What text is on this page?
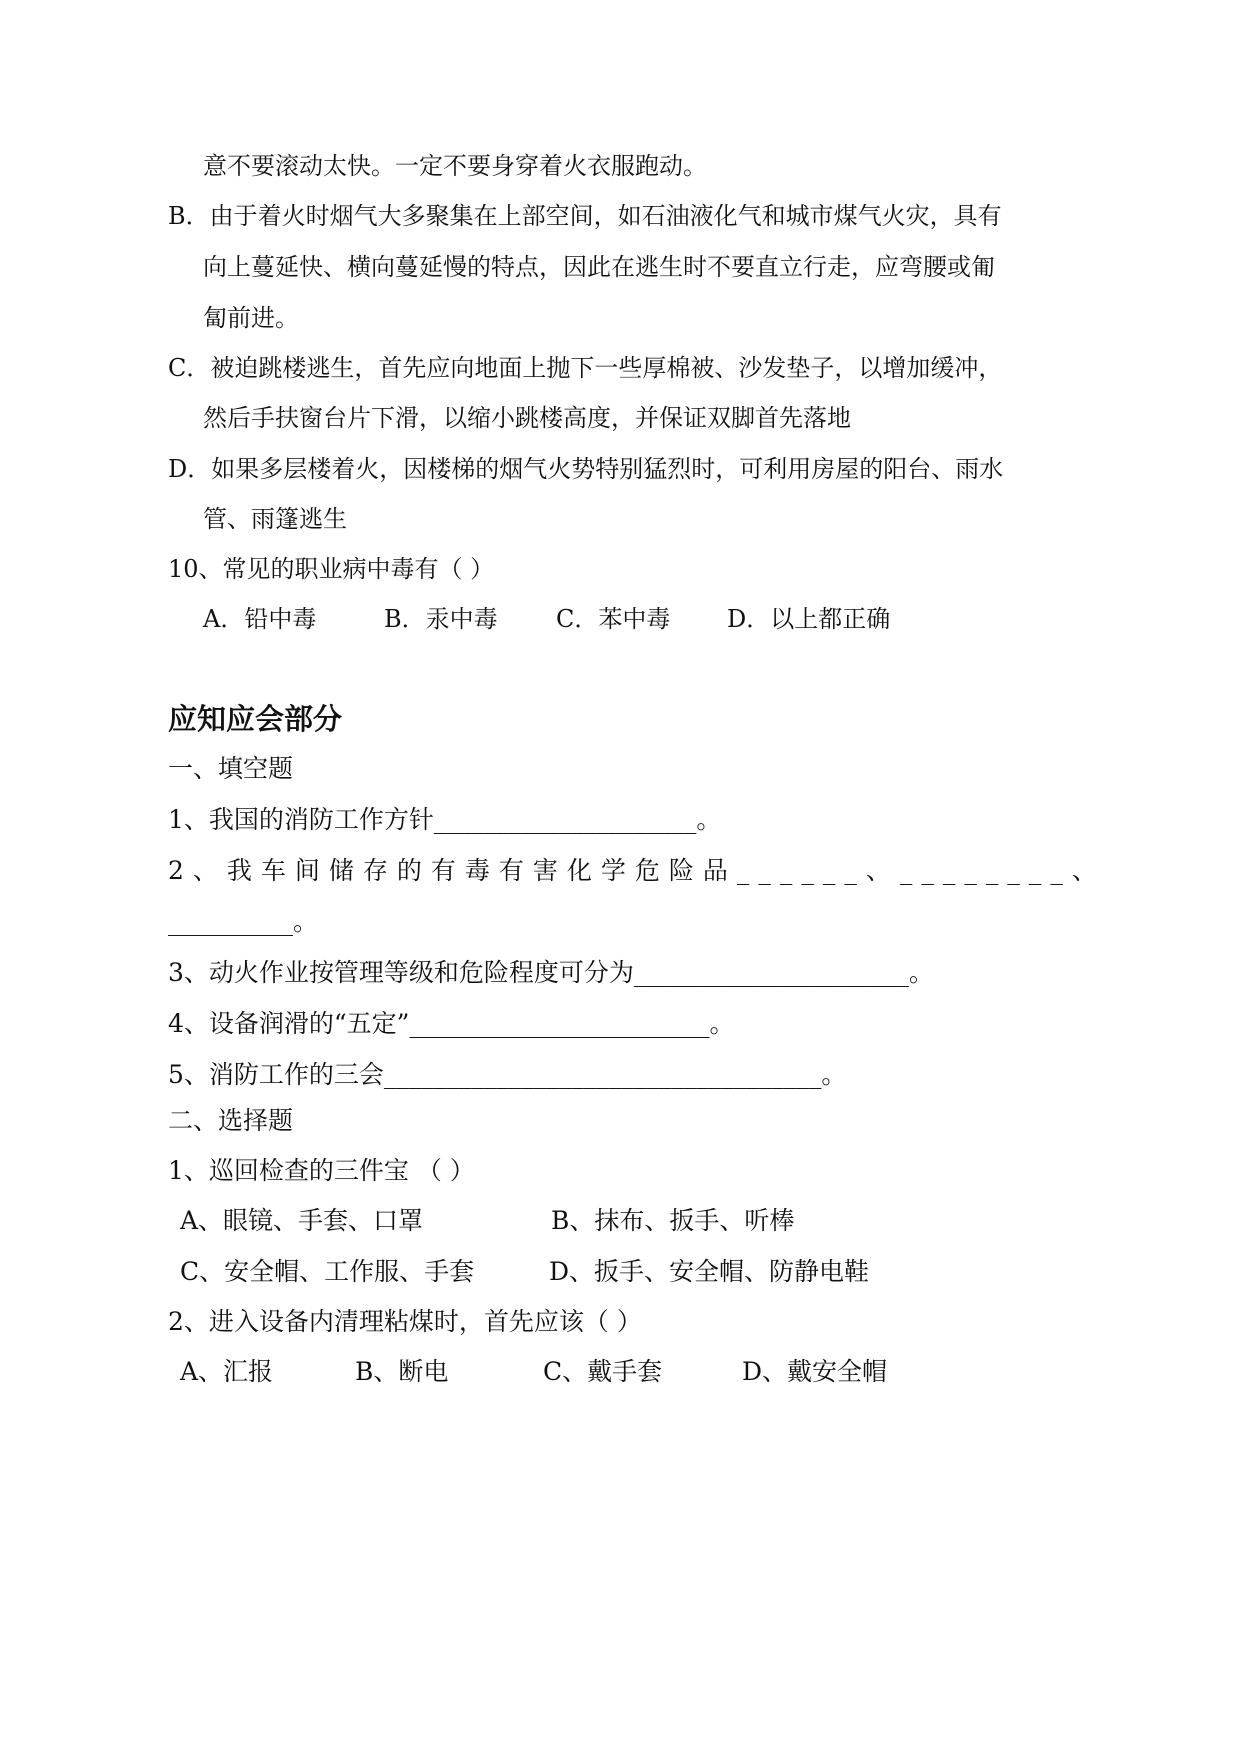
意不要滚动太快。一定不要身穿着火衣服跑动。
B．由于着火时烟气大多聚集在上部空间，如石油液化气和城市煤气火灾，具有
向上蔓延快、横向蔓延慢的特点，因此在逃生时不要直立行走，应弯腰或匍
匐前进。
C．被迫跳楼逃生，首先应向地面上抛下一些厚棉被、沙发垫子，以增加缓冲，
然后手扶窗台片下滑，以缩小跳楼高度，并保证双脚首先落地
D．如果多层楼着火，因楼梯的烟气火势特别猛烈时，可利用房屋的阳台、雨水
管、雨篷逃生
10、常见的职业病中毒有（ ）
A．铅中毒	B．汞中毒 C．苯中毒 D．以上都正确
应知应会部分
一、填空题
1、我国的消防工作方针_____________________。
2、我车间储存的有毒有害化学危险品______、________、
__________。
3、动火作业按管理等级和危险程度可分为______________________。
4、设备润滑的“五定”________________________。
5、消防工作的三会___________________________________。
二、选择题
1、巡回检查的三件宝 （ ）
A、眼镜、手套、口罩	B、抹布、扳手、听棒
C、安全帽、工作服、手套	D、扳手、安全帽、防静电鞋
2、进入设备内清理粘煤时，首先应该（ ）
A、汇报	B、断电	C、戴手套	D、戴安全帽
